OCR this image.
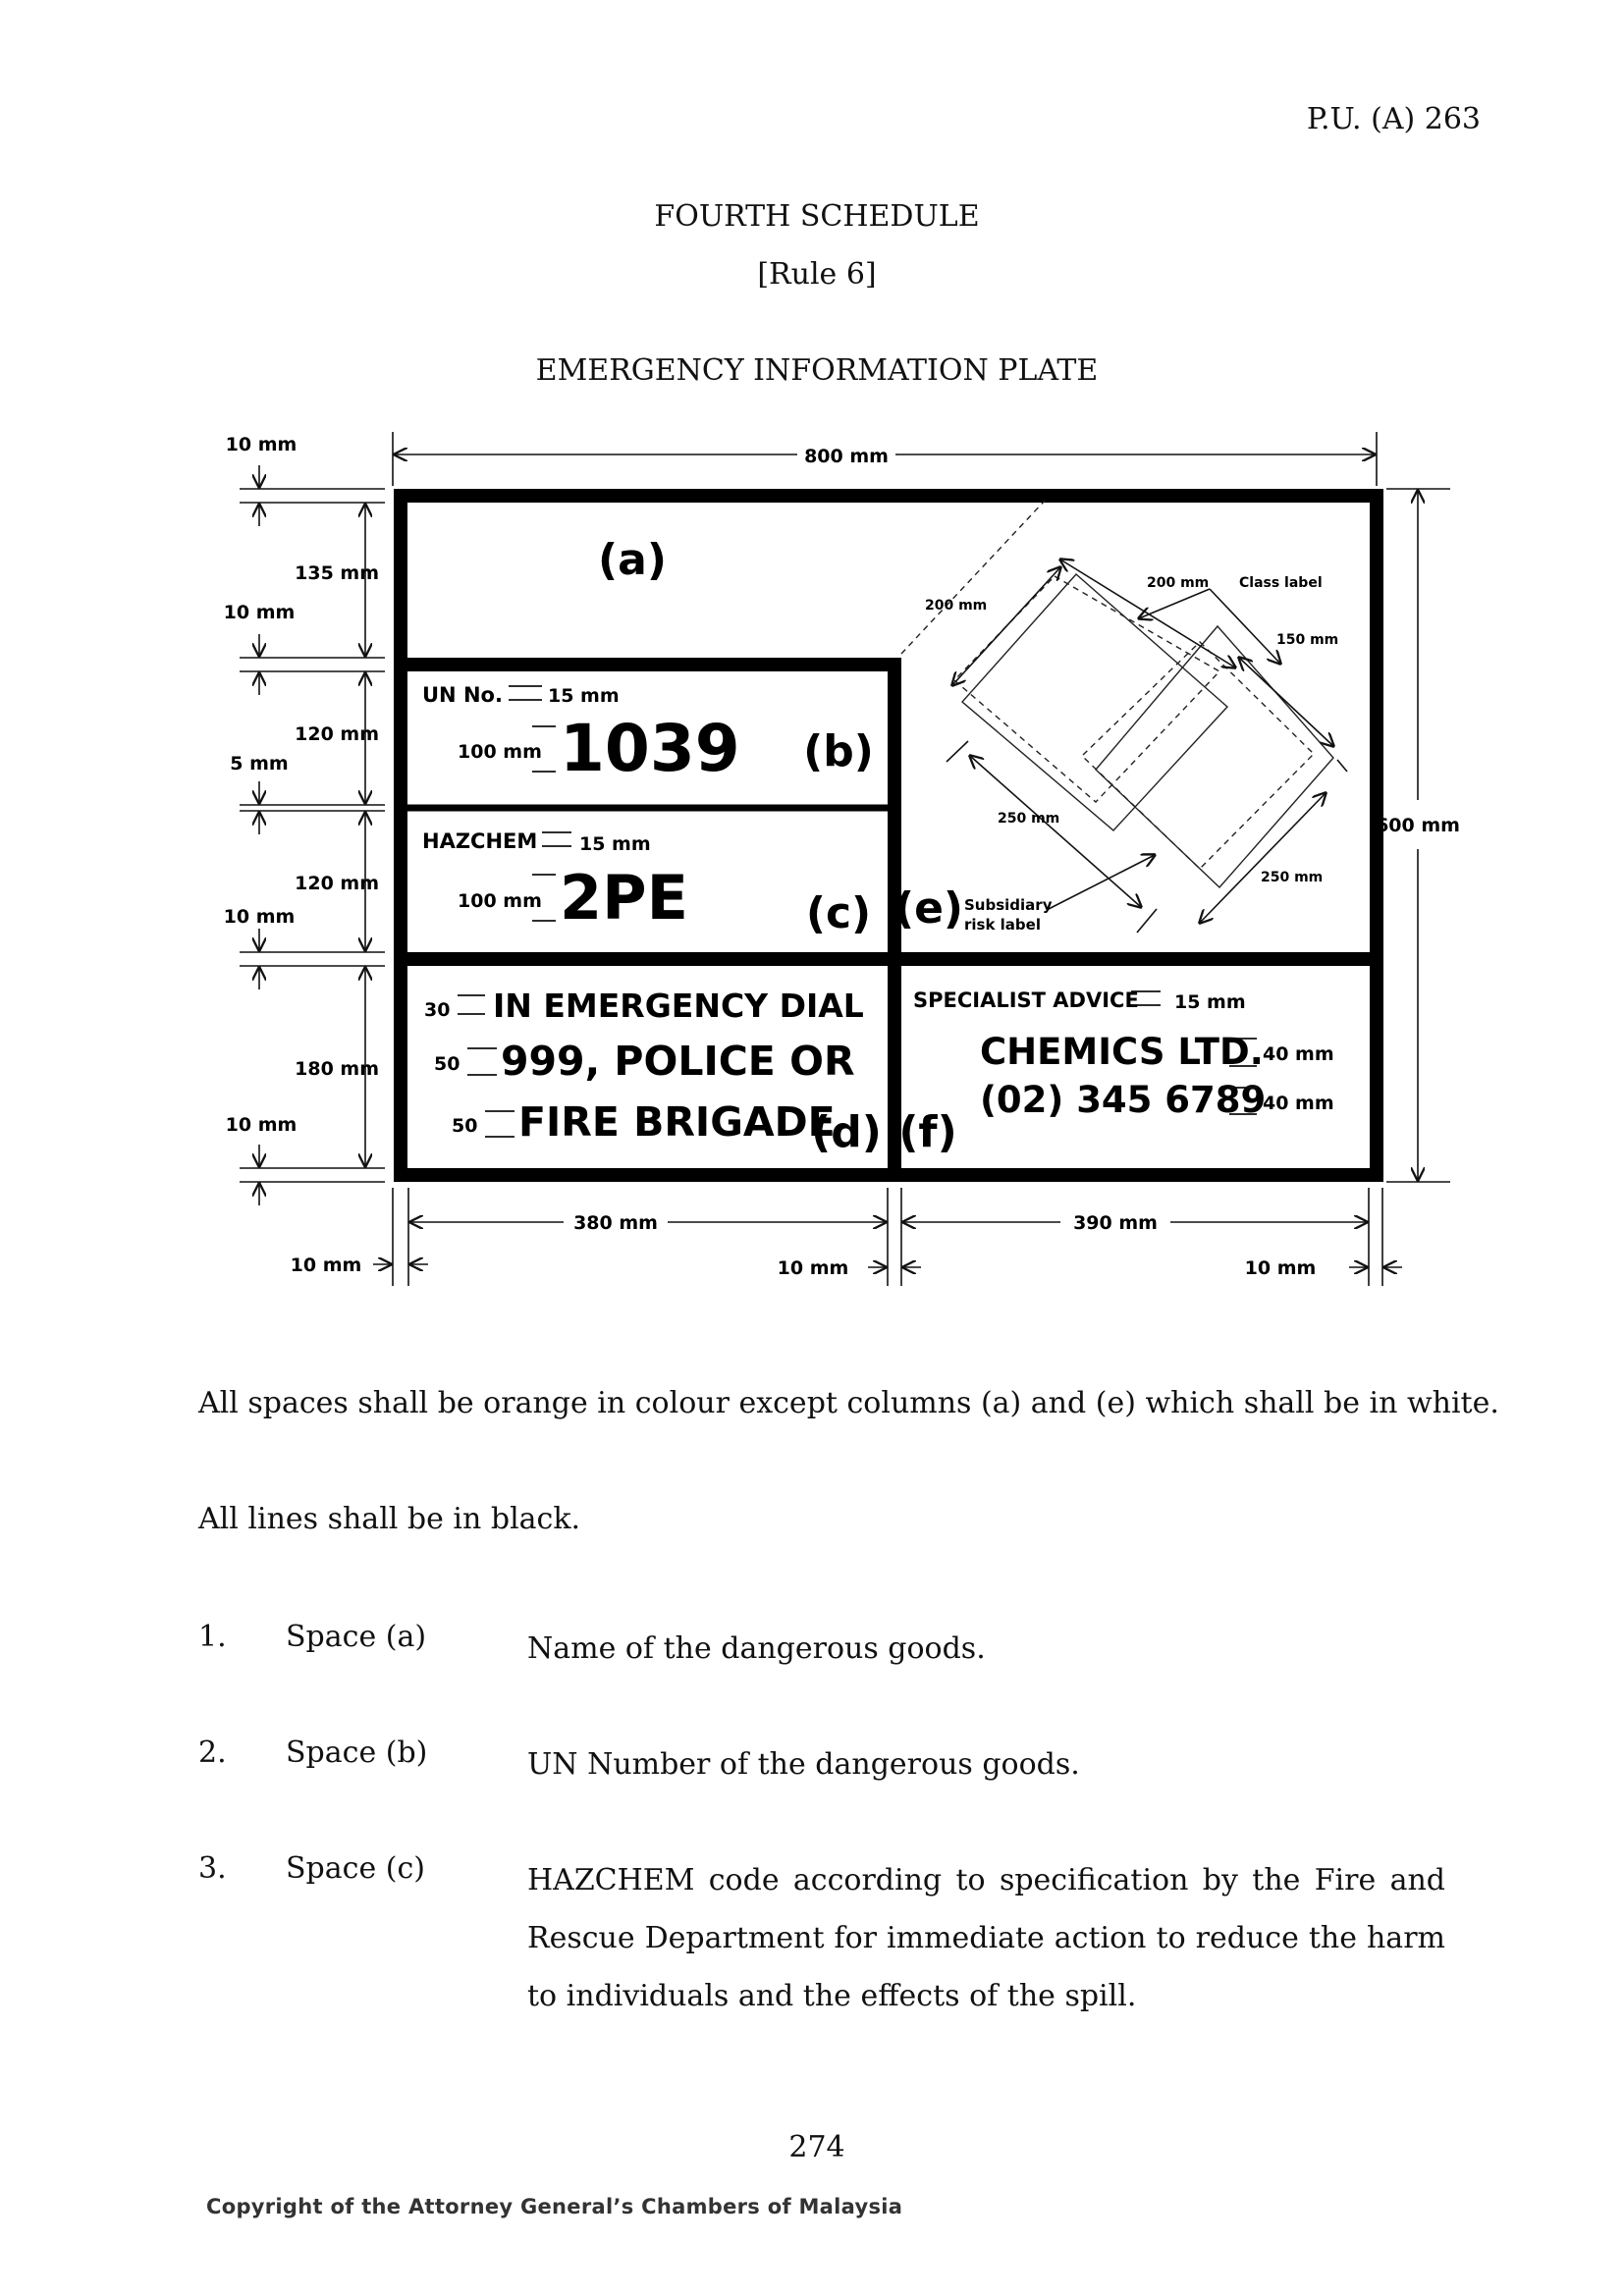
P.U. (A) 263
FOURTH SCHEDULE
[Rule 6]
EMERGENCY INFORMATION PLATE
800 mm
600 mm
10 mm
135 mm
10 mm
120 mm
5 mm
120 mm
10 mm
180 mm
10 mm
380 mm	390 mm
10 mm	10 mm	10 mm
(a)
(b)
(c)
(d)
(e)
(f)
UN No. 15 mm
100 mm 1039
HAZCHEM 15 mm
100 mm 2PE
30 IN EMERGENCY DIAL
50 999, POLICE OR
50 FIRE BRIGADE
SPECIALIST ADVICE 15 mm
CHEMICS LTD. 40 mm
(02) 345 6789
40 mm
200 mm
200 mm Class label
150 mm
250 mm
250 mm
Subsidiary
risk label
All spaces shall be orange in colour except columns (a) and (e) which shall be in white.
All lines shall be in black.
1. Space (a)	Name of the dangerous goods.
2. Space (b)	UN Number of the dangerous goods.
3. Space (c)	HAZCHEM code according to specification by the Fire and Rescue Department for immediate action to reduce the harm to individuals and the effects of the spill.
274
Copyright of the Attorney General’s Chambers of Malaysia
